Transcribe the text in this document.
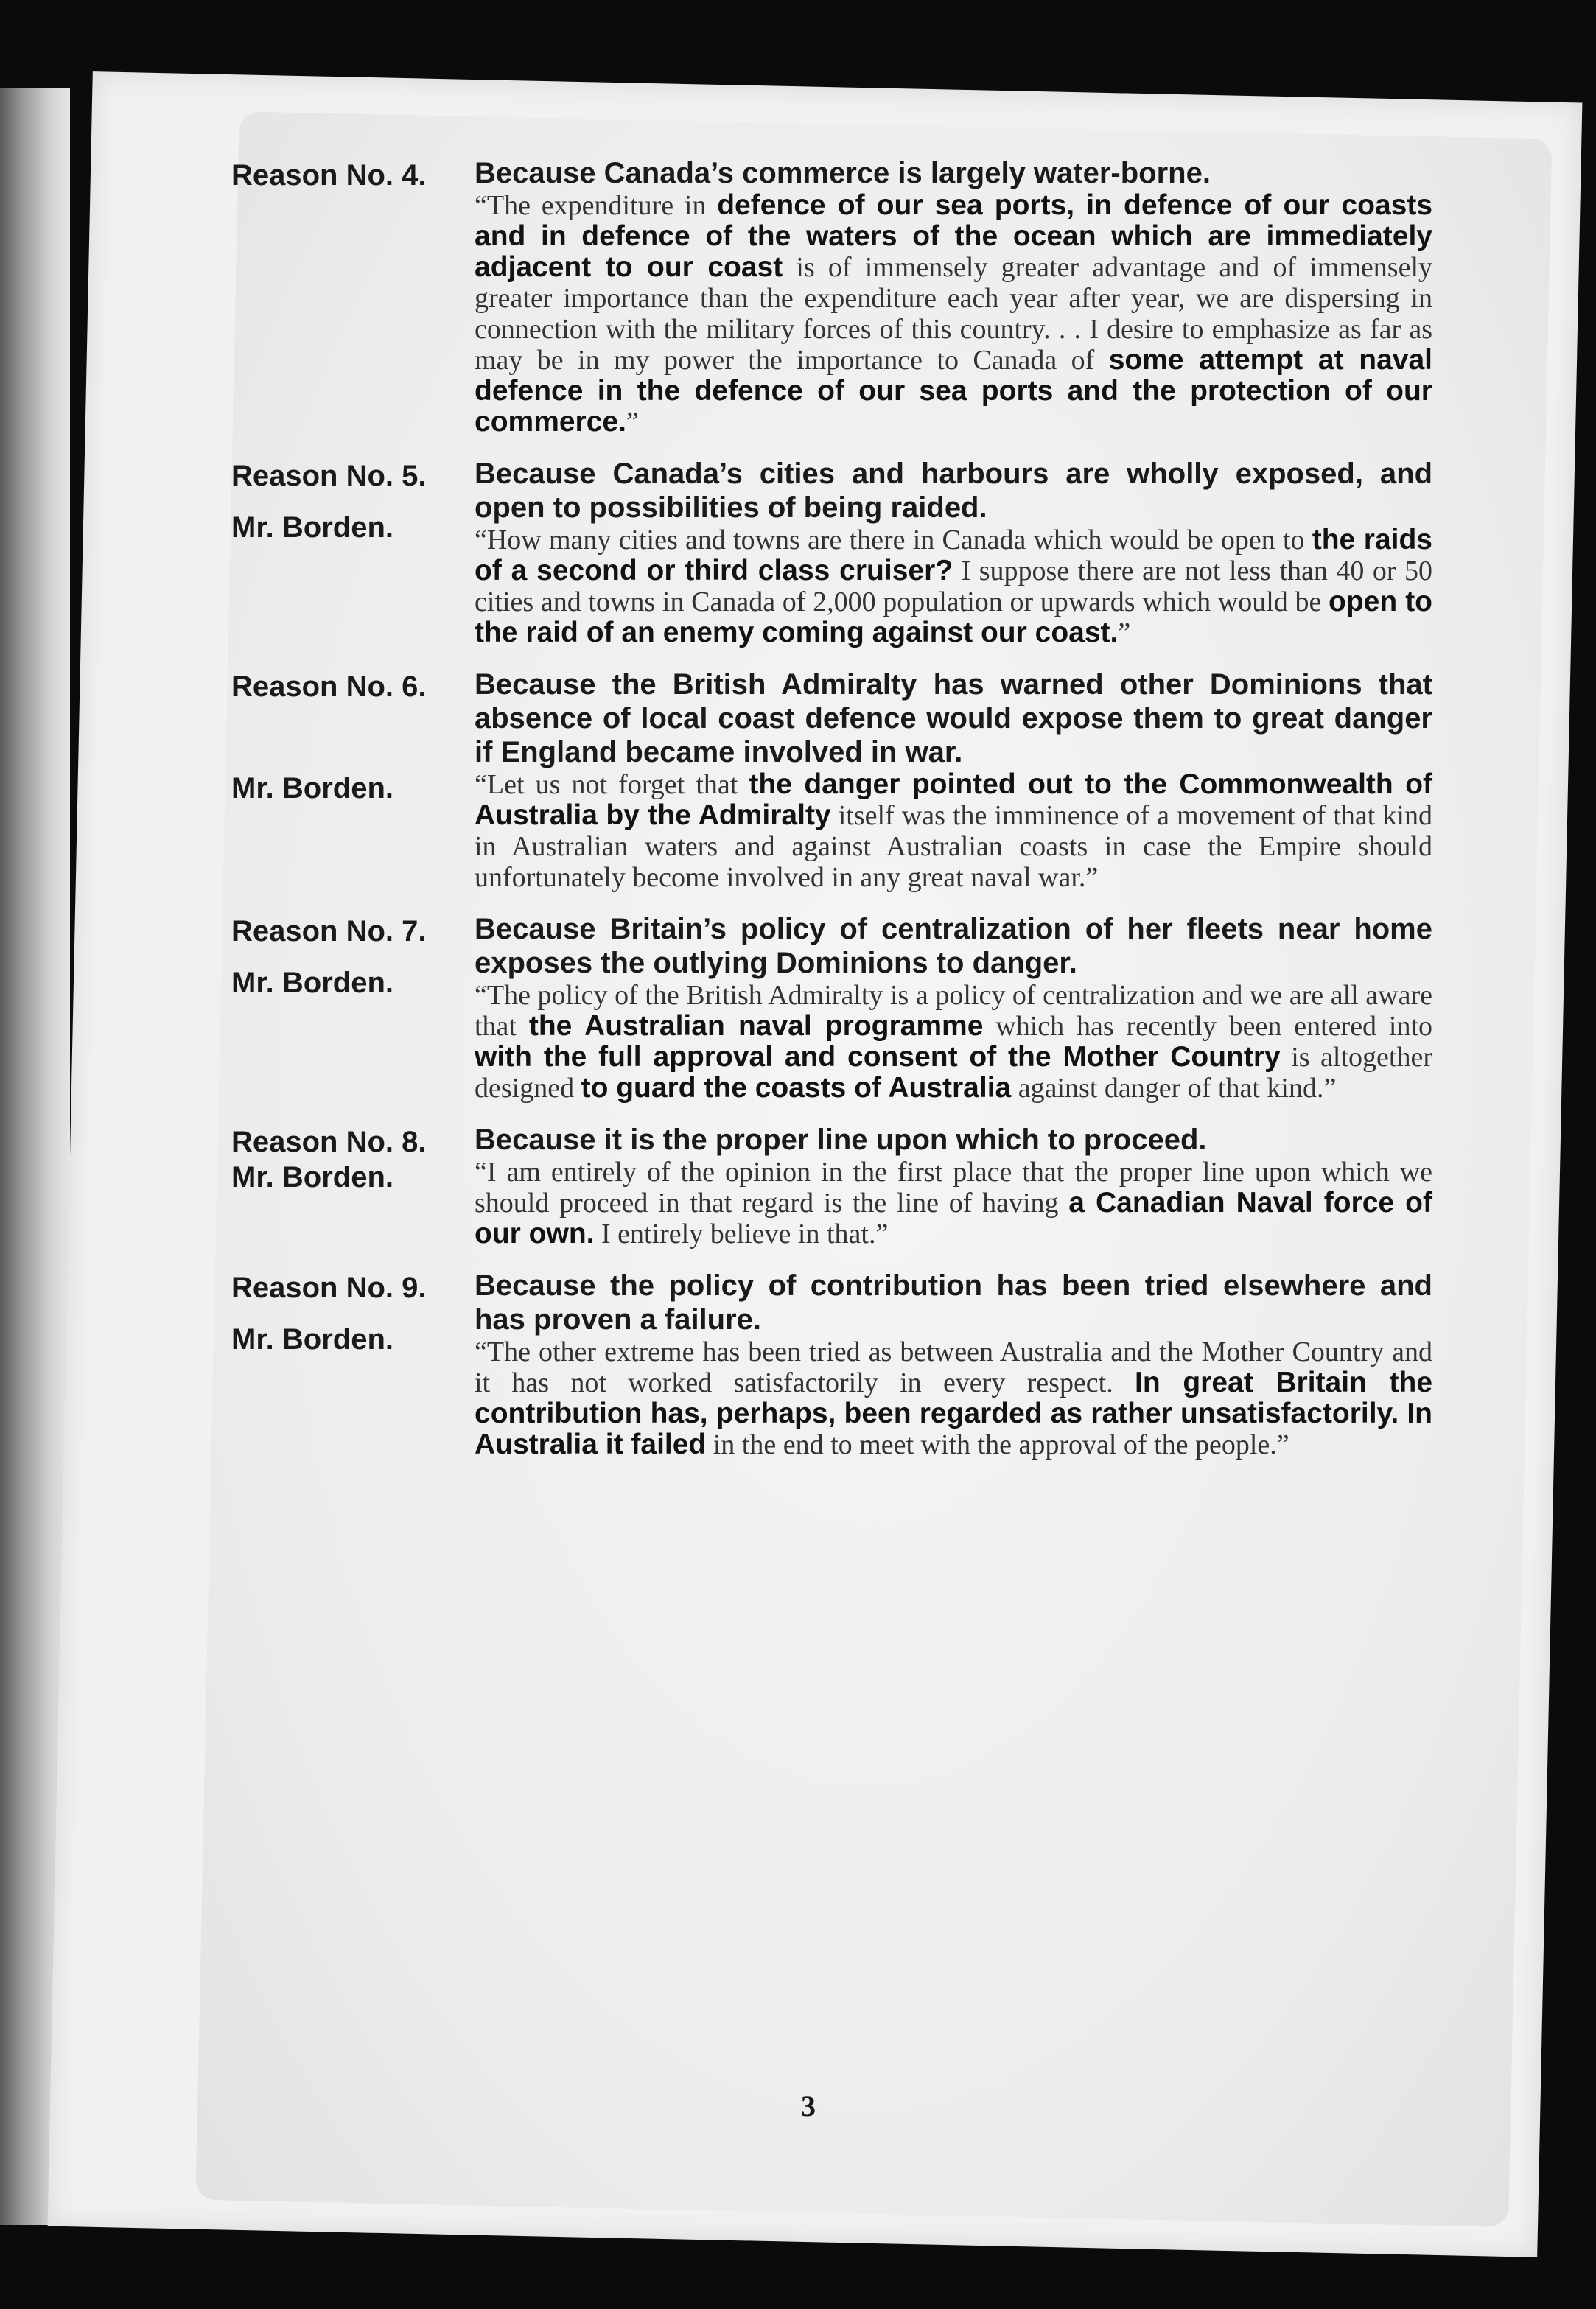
Reason No. 4.	Because Canada’s commerce is largely water-borne.
“The expenditure in defence of our sea ports, in defence of our coasts and in defence of the waters of the ocean which are immediately adjacent to our coast is of immensely greater advantage and of immensely greater importance than the expenditure each year after year, we are dispersing in connection with the military forces of this country. . . I desire to emphasize as far as may be in my power the importance to Canada of some attempt at naval defence in the defence of our sea ports and the protection of our commerce.”
Reason No. 5.
Mr. Borden.
Because Canada’s cities and harbours are wholly exposed, and open to possibilities of being raided.
“How many cities and towns are there in Canada which would be open to the raids of a second or third class cruiser? I suppose there are not less than 40 or 50 cities and towns in Canada of 2,000 population or upwards which would be open to the raid of an enemy coming against our coast.”
Reason No. 6.
Mr. Borden.
Because the British Admiralty has warned other Dominions that absence of local coast defence would expose them to great danger if England became involved in war.
“Let us not forget that the danger pointed out to the Commonwealth of Australia by the Admiralty itself was the imminence of a movement of that kind in Australian waters and against Australian coasts in case the Empire should unfortunately become involved in any great naval war.”
Reason No. 7.
Mr. Borden.
Because Britain’s policy of centralization of her fleets near home exposes the outlying Dominions to danger.
“The policy of the British Admiralty is a policy of centralization and we are all aware that the Australian naval programme which has recently been entered into with the full approval and consent of the Mother Country is altogether designed to guard the coasts of Australia against danger of that kind.”
Reason No. 8.
Mr. Borden.
Because it is the proper line upon which to proceed.
“I am entirely of the opinion in the first place that the proper line upon which we should proceed in that regard is the line of having a Canadian Naval force of our own. I entirely believe in that.”
Reason No. 9.
Mr. Borden.
Because the policy of contribution has been tried elsewhere and has proven a failure.
“The other extreme has been tried as between Australia and the Mother Country and it has not worked satisfactorily in every respect. In great Britain the contribution has, perhaps, been regarded as rather unsatisfactorily. In Australia it failed in the end to meet with the approval of the people.”
3
